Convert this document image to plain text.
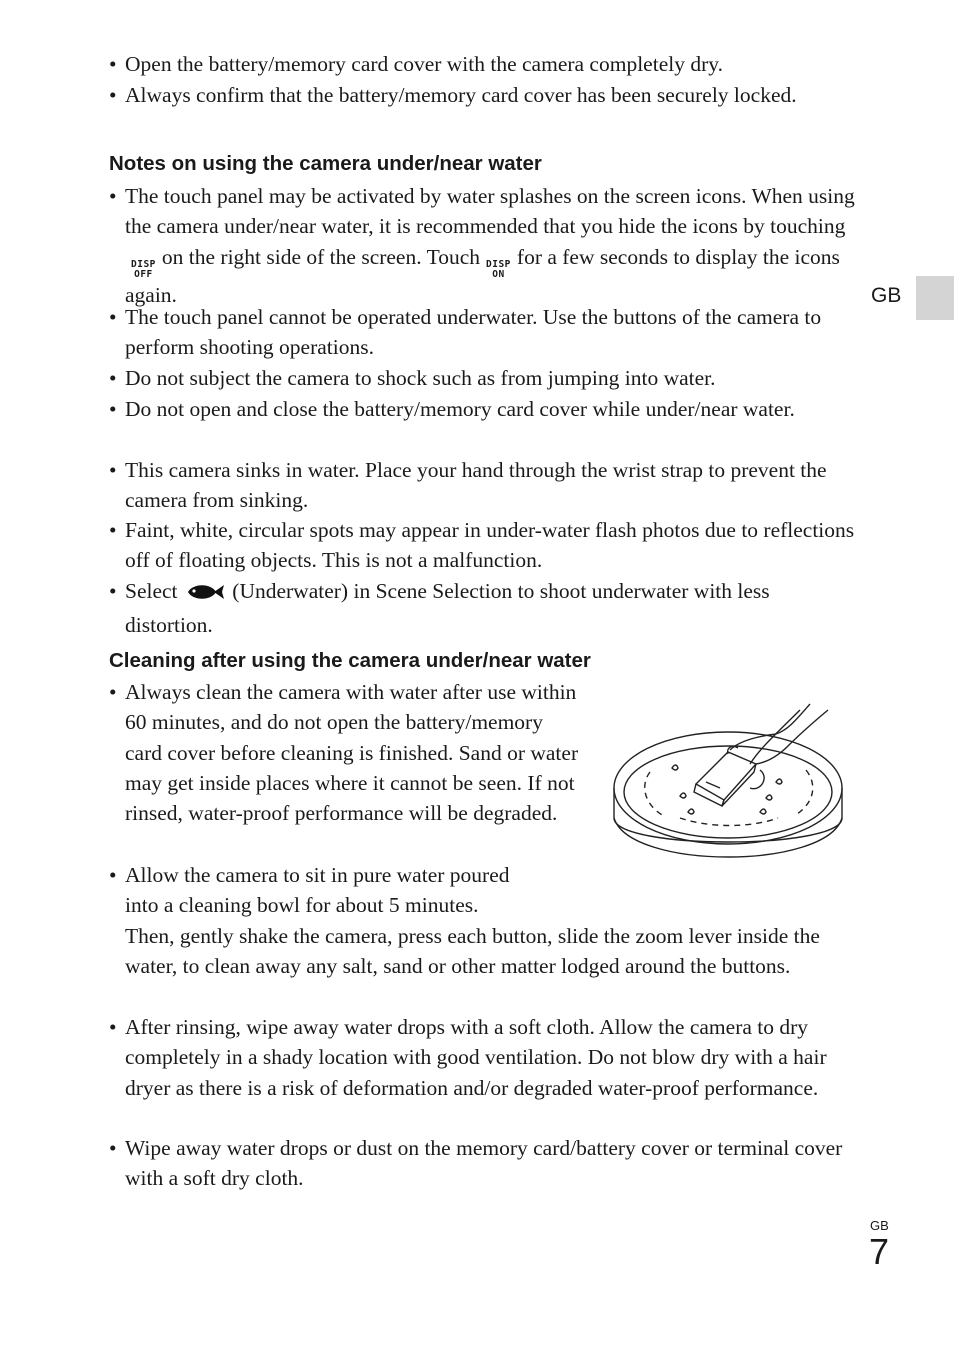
• Open the battery/memory card cover with the camera completely dry.
• Always confirm that the battery/memory card cover has been securely locked.
Notes on using the camera under/near water
• The touch panel may be activated by water splashes on the screen icons. When using the camera under/near water, it is recommended that you hide the icons by touching
DISP
OFF
on the right side of the screen. Touch DISP
ON
for a few seconds to display the icons again.
• The touch panel cannot be operated underwater. Use the buttons of the camera to perform shooting operations.
• Do not subject the camera to shock such as from jumping into water.
• Do not open and close the battery/memory card cover while under/near water.
• This camera sinks in water. Place your hand through the wrist strap to prevent the camera from sinking.
• Faint, white, circular spots may appear in under-water flash photos due to reflections off of floating objects. This is not a malfunction.
• Select	(Underwater) in Scene Selection to shoot underwater with less distortion.
Cleaning after using the camera under/near water
• Always clean the camera with water after use within 60 minutes, and do not open the battery/memory card cover before cleaning is finished. Sand or water may get inside places where it cannot be seen. If not rinsed, water-proof performance will be degraded.
• Allow the camera to sit in pure water poured
into a cleaning bowl for about 5 minutes.
Then, gently shake the camera, press each button, slide the zoom lever inside the water, to clean away any salt, sand or other matter lodged around the buttons.
• After rinsing, wipe away water drops with a soft cloth. Allow the camera to dry completely in a shady location with good ventilation. Do not blow dry with a hair dryer as there is a risk of deformation and/or degraded water-proof performance.
• Wipe away water drops or dust on the memory card/battery cover or terminal cover with a soft dry cloth.
GB
GB
7
